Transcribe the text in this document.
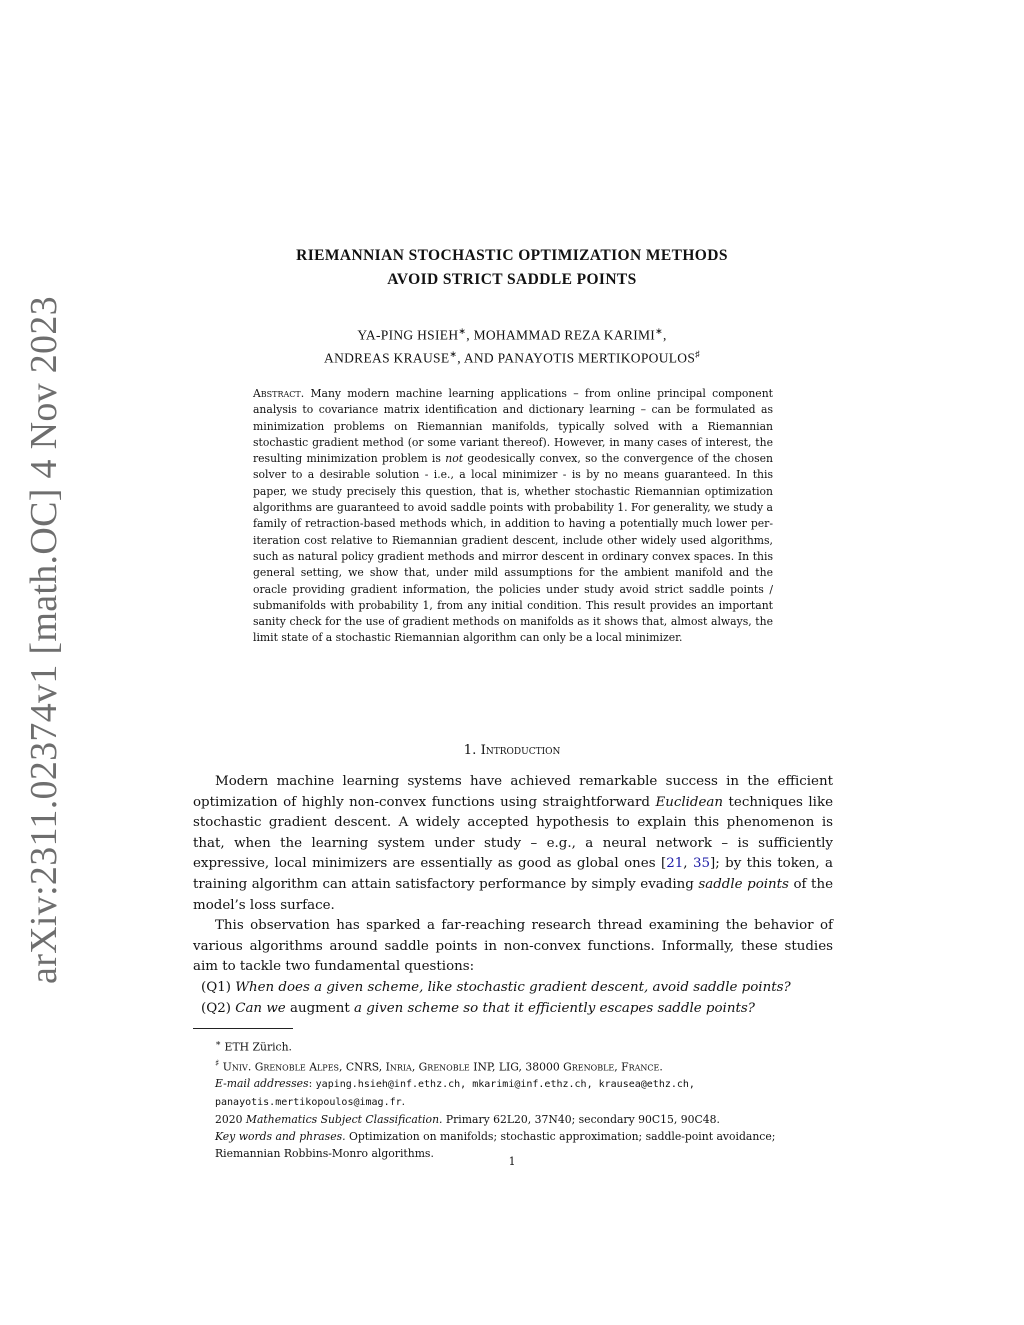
arXiv:2311.02374v1 [math.OC] 4 Nov 2023
RIEMANNIAN STOCHASTIC OPTIMIZATION METHODS
AVOID STRICT SADDLE POINTS
YA-PING HSIEH∗, MOHAMMAD REZA KARIMI∗,
ANDREAS KRAUSE∗, AND PANAYOTIS MERTIKOPOULOS♯
Abstract. Many modern machine learning applications – from online principal component analysis to covariance matrix identification and dictionary learning – can be formulated as minimization problems on Riemannian manifolds, typically solved with a Riemannian stochastic gradient method (or some variant thereof). However, in many cases of interest, the resulting minimization problem is not geodesically convex, so the convergence of the chosen solver to a desirable solution - i.e., a local minimizer - is by no means guaranteed. In this paper, we study precisely this question, that is, whether stochastic Riemannian optimization algorithms are guaranteed to avoid saddle points with probability 1. For generality, we study a family of retraction-based methods which, in addition to having a potentially much lower per-iteration cost relative to Riemannian gradient descent, include other widely used algorithms, such as natural policy gradient methods and mirror descent in ordinary convex spaces. In this general setting, we show that, under mild assumptions for the ambient manifold and the oracle providing gradient information, the policies under study avoid strict saddle points / submanifolds with probability 1, from any initial condition. This result provides an important sanity check for the use of gradient methods on manifolds as it shows that, almost always, the limit state of a stochastic Riemannian algorithm can only be a local minimizer.
1. Introduction

Modern machine learning systems have achieved remarkable success in the efficient optimization of highly non-convex functions using straightforward Euclidean techniques like stochastic gradient descent. A widely accepted hypothesis to explain this phenomenon is that, when the learning system under study – e.g., a neural network – is sufficiently expressive, local minimizers are essentially as good as global ones [21, 35]; by this token, a training algorithm can attain satisfactory performance by simply evading saddle points of the model’s loss surface.

This observation has sparked a far-reaching research thread examining the behavior of various algorithms around saddle points in non-convex functions. Informally, these studies aim to tackle two fundamental questions:

(Q1) When does a given scheme, like stochastic gradient descent, avoid saddle points?

(Q2) Can we augment a given scheme so that it efficiently escapes saddle points?

∗ ETH Zürich.
♯ Univ. Grenoble Alpes, CNRS, Inria, Grenoble INP, LIG, 38000 Grenoble, France.
E-mail addresses: yaping.hsieh@inf.ethz.ch, mkarimi@inf.ethz.ch, krausea@ethz.ch, panayotis.mertikopoulos@imag.fr.
2020 Mathematics Subject Classification. Primary 62L20, 37N40; secondary 90C15, 90C48.
Key words and phrases. Optimization on manifolds; stochastic approximation; saddle-point avoidance; Riemannian Robbins-Monro algorithms.
1
